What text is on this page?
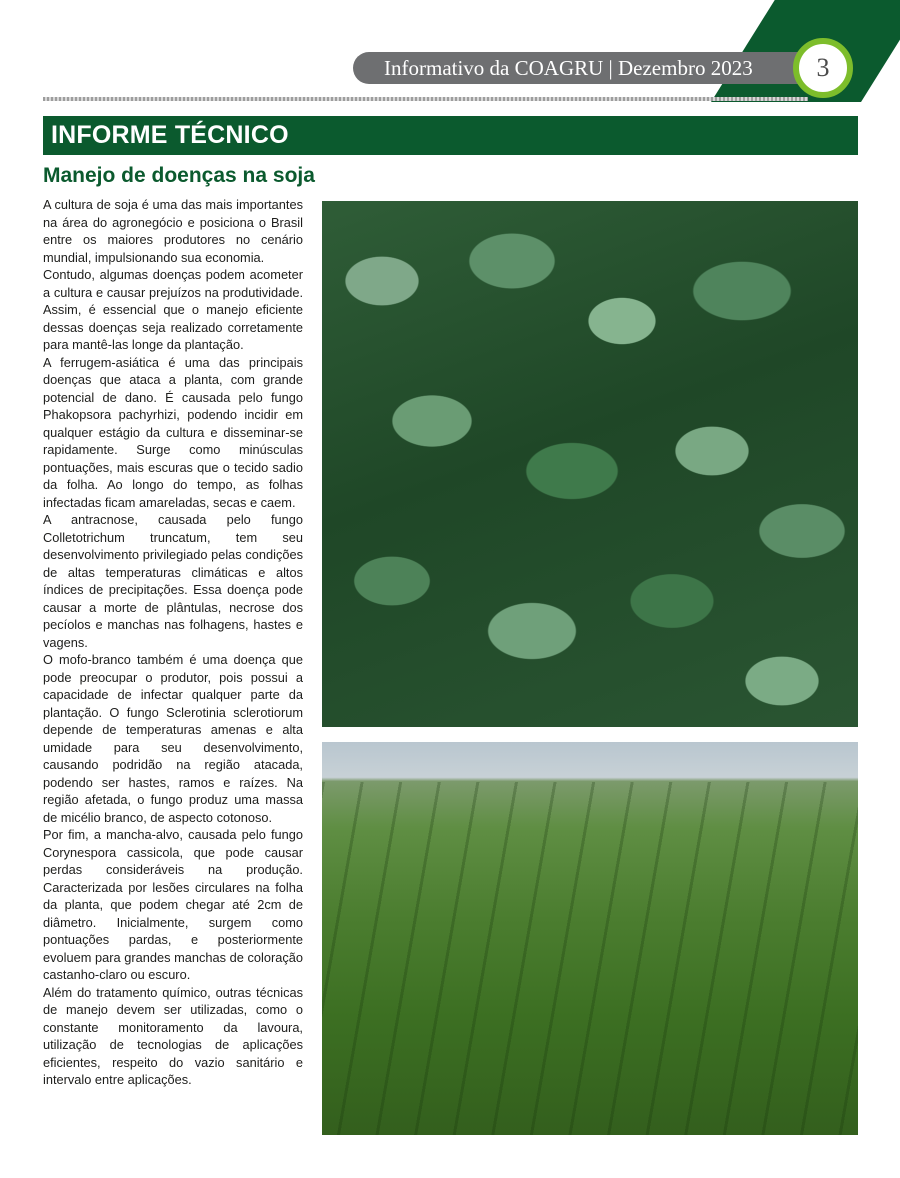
Informativo da COAGRU | Dezembro 2023	3
INFORME TÉCNICO
Manejo de doenças na soja

A cultura de soja é uma das mais importantes na área do agronegócio e posiciona o Brasil entre os maiores produtores no cenário mundial, impulsionando sua economia.

Contudo, algumas doenças podem acometer a cultura e causar prejuízos na produtividade. Assim, é essencial que o manejo eficiente dessas doenças seja realizado corretamente para mantê-las longe da plantação.

A ferrugem-asiática é uma das principais doenças que ataca a planta, com grande potencial de dano. É causada pelo fungo Phakopsora pachyrhizi, podendo incidir em qualquer estágio da cultura e disseminar-se rapidamente. Surge como minúsculas pontuações, mais escuras que o tecido sadio da folha. Ao longo do tempo, as folhas infectadas ficam amareladas, secas e caem.

A antracnose, causada pelo fungo Colletotrichum truncatum, tem seu desenvolvimento privilegiado pelas condições de altas temperaturas climáticas e altos índices de precipitações. Essa doença pode causar a morte de plântulas, necrose dos pecíolos e manchas nas folhagens, hastes e vagens.

O mofo-branco também é uma doença que pode preocupar o produtor, pois possui a capacidade de infectar qualquer parte da plantação. O fungo Sclerotinia sclerotiorum depende de temperaturas amenas e alta umidade para seu desenvolvimento, causando podridão na região atacada, podendo ser hastes, ramos e raízes. Na região afetada, o fungo produz uma massa de micélio branco, de aspecto cotonoso.

Por fim, a mancha-alvo, causada pelo fungo Corynespora cassicola, que pode causar perdas consideráveis na produção. Caracterizada por lesões circulares na folha da planta, que podem chegar até 2cm de diâmetro. Inicialmente, surgem como pontuações pardas, e posteriormente evoluem para grandes manchas de coloração castanho-claro ou escuro.

Além do tratamento químico, outras técnicas de manejo devem ser utilizadas, como o constante monitoramento da lavoura, utilização de tecnologias de aplicações eficientes, respeito do vazio sanitário e intervalo entre aplicações.
